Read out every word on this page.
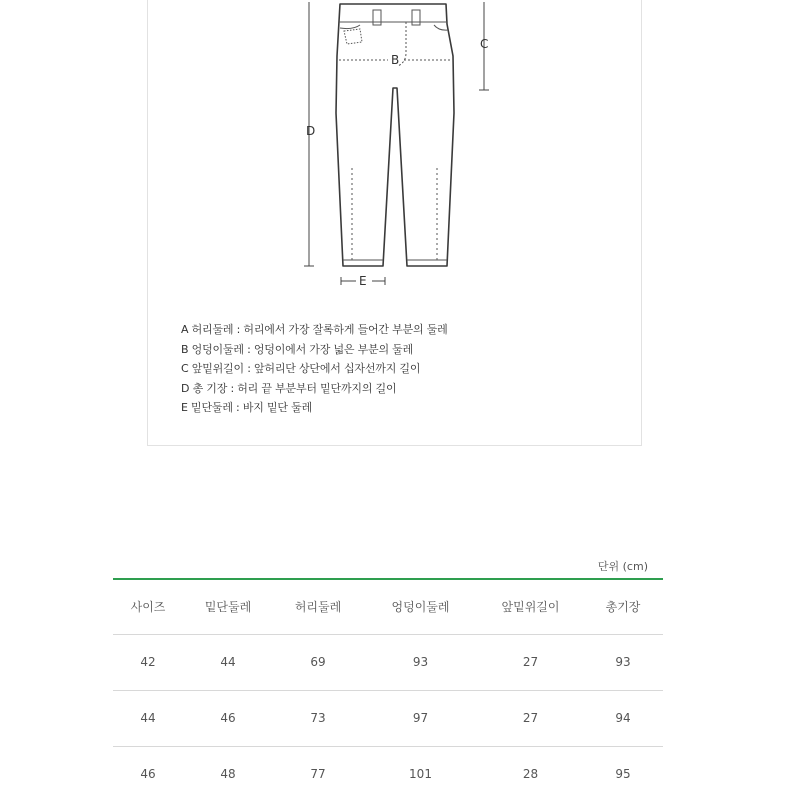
D
C
B
E
A 허리둘레 : 허리에서 가장 잘록하게 들어간 부분의 둘레
B 엉덩이둘레 : 엉덩이에서 가장 넓은 부분의 둘레
C 앞밑위길이 : 앞허리단 상단에서 십자선까지 길이
D 총 기장 : 허리 끝 부분부터 밑단까지의 길이
E 밑단둘레 : 바지 밑단 둘레
단위 (cm)
사이즈	밑단둘레	허리둘레	엉덩이둘레	앞밑위길이	총기장
42	44	69	93	27	93
44	46	73	97	27	94
46	48	77	101	28	95
